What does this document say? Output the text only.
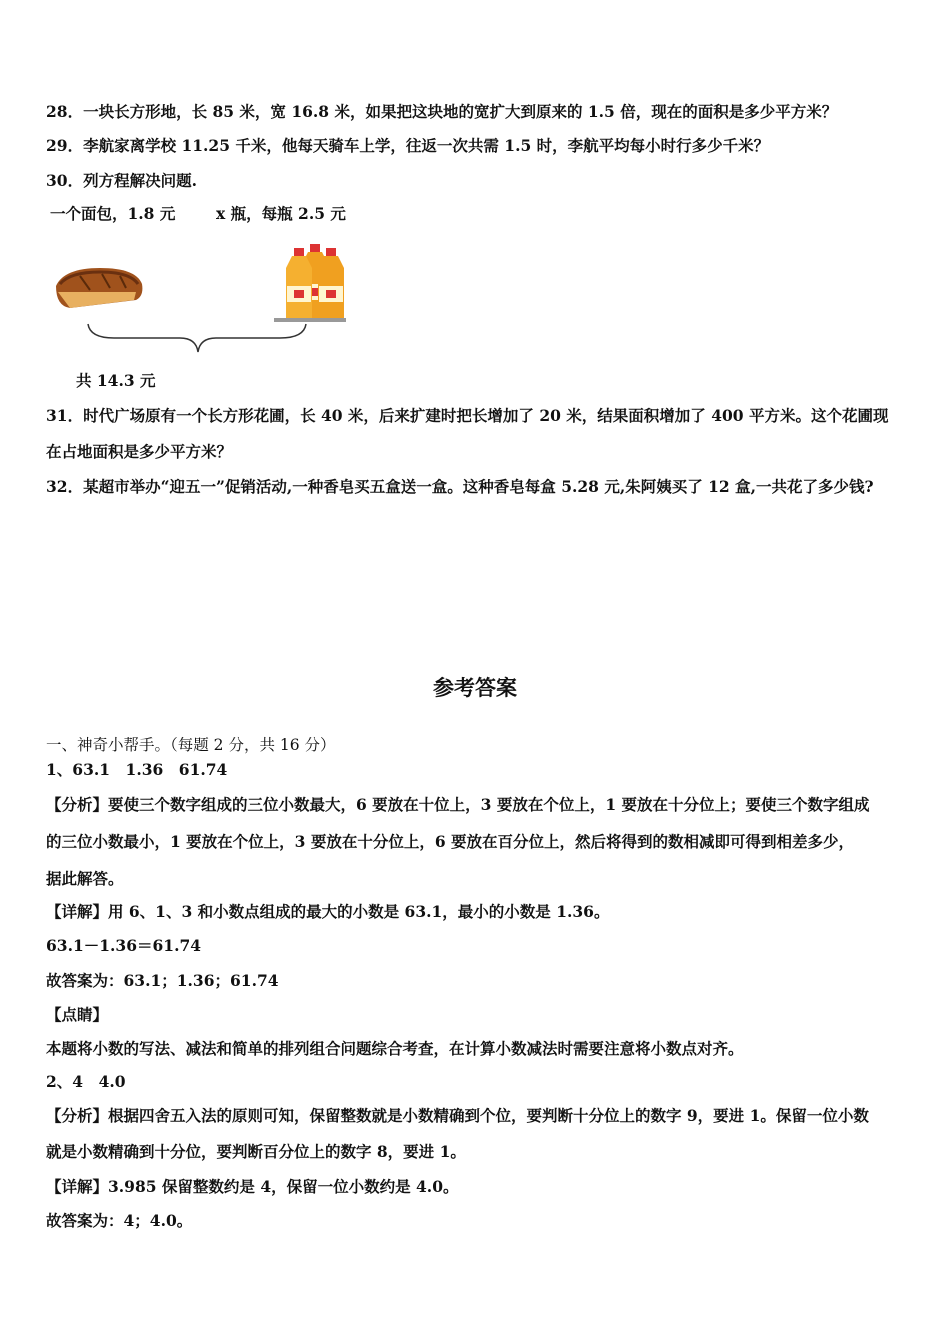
28．一块长方形地，长 85 米，宽 16.8 米，如果把这块地的宽扩大到原来的 1.5 倍，现在的面积是多少平方米？
29．李航家离学校 11.25 千米，他每天骑车上学，往返一次共需 1.5 时，李航平均每小时行多少千米？
30．列方程解决问题.
一个面包，1.8 元	x 瓶，每瓶 2.5 元
共 14.3 元
31．时代广场原有一个长方形花圃，长 40 米，后来扩建时把长增加了 20 米，结果面积增加了 400 平方米。这个花圃现
在占地面积是多少平方米？
32．某超市举办“迎五一”促销活动,一种香皂买五盒送一盒。这种香皂每盒 5.28 元,朱阿姨买了 12 盒,一共花了多少钱?
参考答案
一、神奇小帮手。（每题 2 分，共 16 分）
1、63.1　1.36　61.74
【分析】要使三个数字组成的三位小数最大，6 要放在十位上，3 要放在个位上，1 要放在十分位上；要使三个数字组成
的三位小数最小，1 要放在个位上，3 要放在十分位上，6 要放在百分位上，然后将得到的数相减即可得到相差多少，
据此解答。
【详解】用 6、1、3 和小数点组成的最大的小数是 63.1，最小的小数是 1.36。
63.1－1.36＝61.74
故答案为：63.1；1.36；61.74
【点睛】
本题将小数的写法、减法和简单的排列组合问题综合考查，在计算小数减法时需要注意将小数点对齐。
2、4　4.0
【分析】根据四舍五入法的原则可知，保留整数就是小数精确到个位，要判断十分位上的数字 9，要进 1。保留一位小数
就是小数精确到十分位，要判断百分位上的数字 8，要进 1。
【详解】3.985 保留整数约是 4，保留一位小数约是 4.0。
故答案为：4；4.0。
